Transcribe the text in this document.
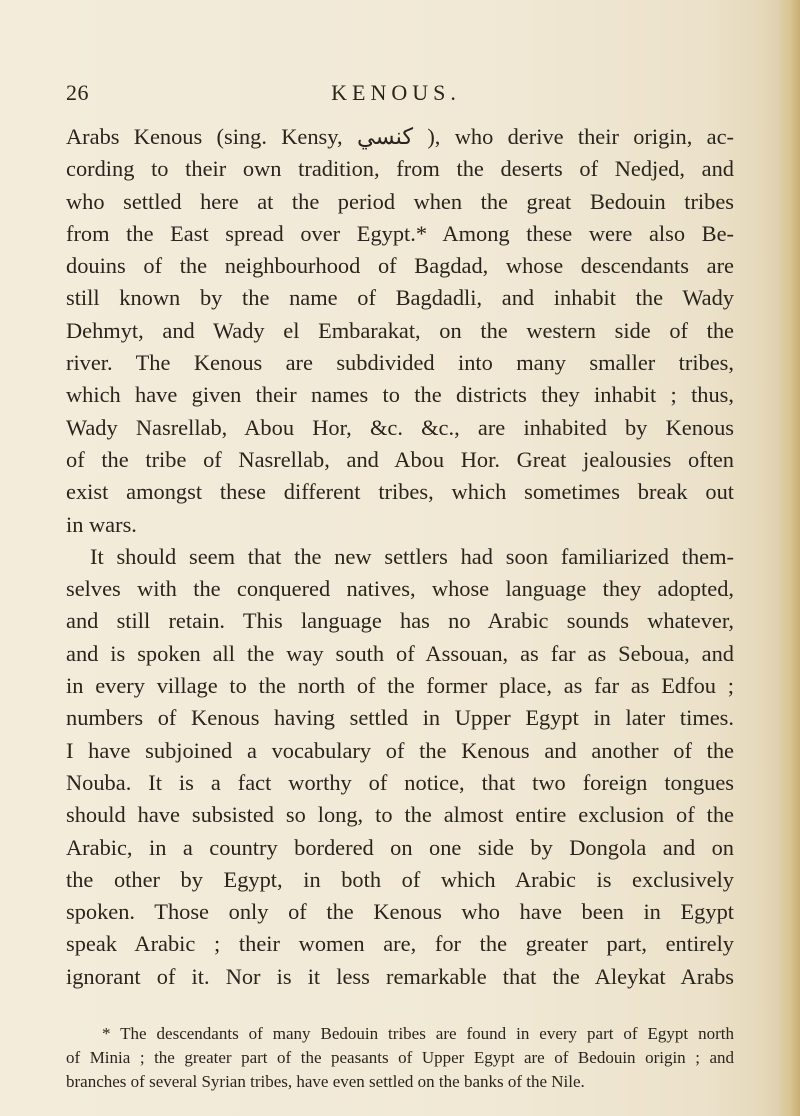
26	KENOUS.
Arabs Kenous (sing. Kensy, كنسي ), who derive their origin, ac-
cording to their own tradition, from the deserts of Nedjed, and
who settled here at the period when the great Bedouin tribes
from the East spread over Egypt.* Among these were also Be-
douins of the neighbourhood of Bagdad, whose descendants are
still known by the name of Bagdadli, and inhabit the Wady
Dehmyt, and Wady el Embarakat, on the western side of the
river. The Kenous are subdivided into many smaller tribes,
which have given their names to the districts they inhabit ; thus,
Wady Nasrellab, Abou Hor, &c. &c., are inhabited by Kenous
of the tribe of Nasrellab, and Abou Hor. Great jealousies often
exist amongst these different tribes, which sometimes break out
in wars.
It should seem that the new settlers had soon familiarized them-
selves with the conquered natives, whose language they adopted,
and still retain. This language has no Arabic sounds whatever,
and is spoken all the way south of Assouan, as far as Seboua, and
in every village to the north of the former place, as far as Edfou ;
numbers of Kenous having settled in Upper Egypt in later times.
I have subjoined a vocabulary of the Kenous and another of the
Nouba. It is a fact worthy of notice, that two foreign tongues
should have subsisted so long, to the almost entire exclusion of the
Arabic, in a country bordered on one side by Dongola and on
the other by Egypt, in both of which Arabic is exclusively
spoken. Those only of the Kenous who have been in Egypt
speak Arabic ; their women are, for the greater part, entirely
ignorant of it. Nor is it less remarkable that the Aleykat Arabs
* The descendants of many Bedouin tribes are found in every part of Egypt north
of Minia ; the greater part of the peasants of Upper Egypt are of Bedouin origin ; and
branches of several Syrian tribes, have even settled on the banks of the Nile.
